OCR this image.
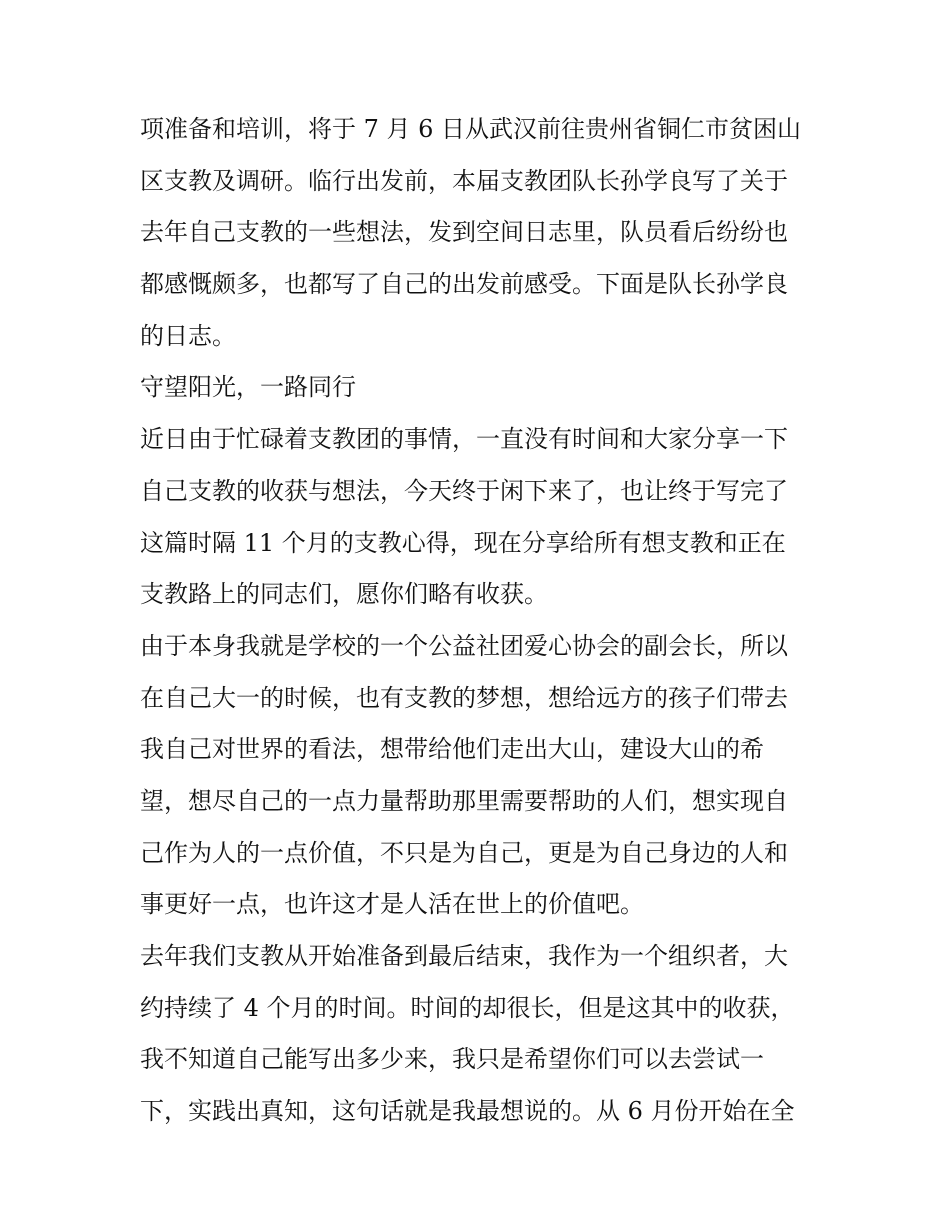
项准备和培训，将于 7 月 6 日从武汉前往贵州省铜仁市贫困山
区支教及调研。临行出发前，本届支教团队长孙学良写了关于
去年自己支教的一些想法，发到空间日志里，队员看后纷纷也
都感慨颇多，也都写了自己的出发前感受。下面是队长孙学良
的日志。
守望阳光，一路同行
近日由于忙碌着支教团的事情，一直没有时间和大家分享一下
自己支教的收获与想法，今天终于闲下来了，也让终于写完了
这篇时隔 11 个月的支教心得，现在分享给所有想支教和正在
支教路上的同志们，愿你们略有收获。
由于本身我就是学校的一个公益社团爱心协会的副会长，所以
在自己大一的时候，也有支教的梦想，想给远方的孩子们带去
我自己对世界的看法，想带给他们走出大山，建设大山的希
望，想尽自己的一点力量帮助那里需要帮助的人们，想实现自
己作为人的一点价值，不只是为自己，更是为自己身边的人和
事更好一点，也许这才是人活在世上的价值吧。
去年我们支教从开始准备到最后结束，我作为一个组织者，大
约持续了 4 个月的时间。时间的却很长，但是这其中的收获，
我不知道自己能写出多少来，我只是希望你们可以去尝试一
下，实践出真知，这句话就是我最想说的。从 6 月份开始在全
